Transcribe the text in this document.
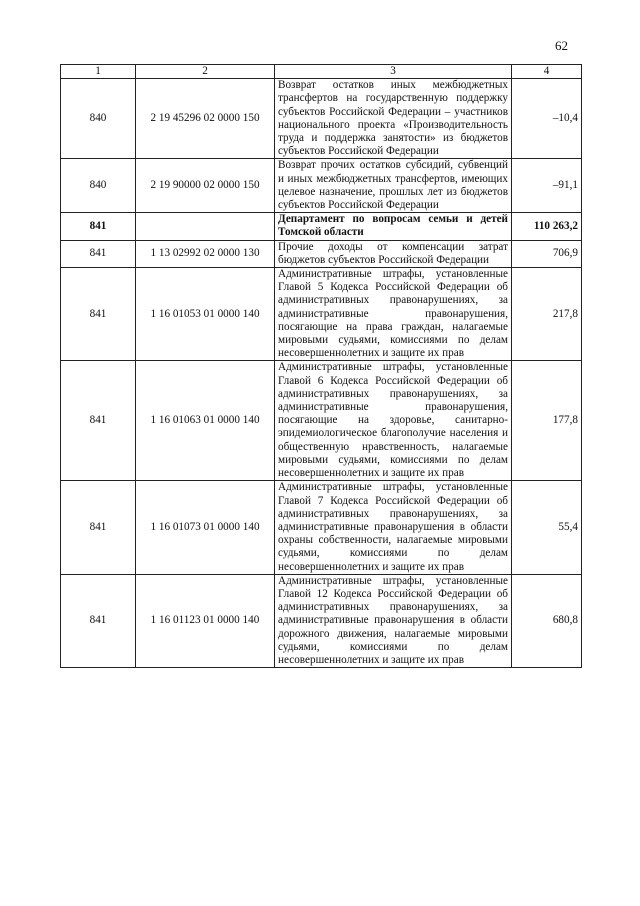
62
1	2	3	4
840	2 19 45296 02 0000 150	Возврат остатков иных межбюджетных трансфертов на государственную поддержку субъектов Российской Федерации – участников национального проекта «Производительность труда и поддержка занятости» из бюджетов субъектов Российской Федерации	–10,4
840	2 19 90000 02 0000 150	Возврат прочих остатков субсидий, субвенций и иных межбюджетных трансфертов, имеющих целевое назначение, прошлых лет из бюджетов субъектов Российской Федерации	–91,1
841		Департамент по вопросам семьи и детей Томской области	110 263,2
841	1 13 02992 02 0000 130	Прочие доходы от компенсации затрат бюджетов субъектов Российской Федерации	706,9
841	1 16 01053 01 0000 140	Административные штрафы, установленные Главой 5 Кодекса Российской Федерации об административных правонарушениях, за административные правонарушения, посягающие на права граждан, налагаемые мировыми судьями, комиссиями по делам несовершеннолетних и защите их прав	217,8
841	1 16 01063 01 0000 140	Административные штрафы, установленные Главой 6 Кодекса Российской Федерации об административных правонарушениях, за административные правонарушения, посягающие на здоровье, санитарно-эпидемиологическое благополучие населения и общественную нравственность, налагаемые мировыми судьями, комиссиями по делам несовершеннолетних и защите их прав	177,8
841	1 16 01073 01 0000 140	Административные штрафы, установленные Главой 7 Кодекса Российской Федерации об административных правонарушениях, за административные правонарушения в области охраны собственности, налагаемые мировыми судьями, комиссиями по делам несовершеннолетних и защите их прав	55,4
841	1 16 01123 01 0000 140	Административные штрафы, установленные Главой 12 Кодекса Российской Федерации об административных правонарушениях, за административные правонарушения в области дорожного движения, налагаемые мировыми судьями, комиссиями по делам несовершеннолетних и защите их прав	680,8
